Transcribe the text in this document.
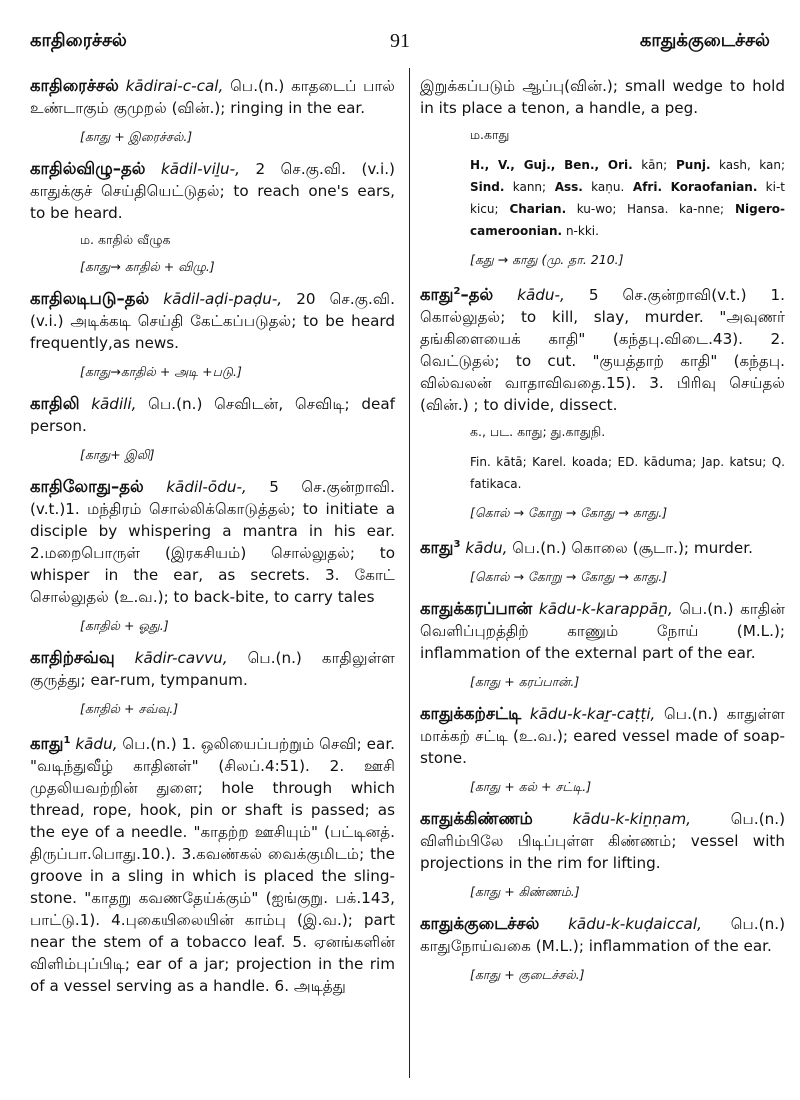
காதிரைச்சல்	91	காதுக்குடைச்சல்
காதிரைச்சல் kādirai-c-cal, பெ.(n.) காதடைப் பால் உண்டாகும் குமுறல் (வின்.); ringing in the ear.
[காது + இரைச்சல்.]
காதில்விழு–தல் kādil-viḻu-, 2 செ.கு.வி. (v.i.) காதுக்குச் செய்தியெட்டுதல்; to reach one's ears, to be heard.
ம. காதில் வீழுக
[காது→ காதில் + விழு.]
காதிலடிபடு–தல் kādil-aḍi-paḍu-, 20 செ.கு.வி. (v.i.) அடிக்கடி செய்தி கேட்கப்படுதல்; to be heard frequently,as news.
[காது→காதில் + அடி +படு.]
காதிலி kādili, பெ.(n.) செவிடன், செவிடி; deaf person.
[காது+ இலி]
காதிலோது–தல் kādil-ōdu-, 5 செ.குன்றாவி. (v.t.)1. மந்திரம் சொல்லிக்கொடுத்தல்; to initiate a disciple by whispering a mantra in his ear. 2.மறைபொருள் (இரகசியம்) சொல்லுதல்; to whisper in the ear, as secrets. 3. கோட் சொல்லுதல் (உ.வ.); to back-bite, to carry tales
[காதில் + ஓது.]
காதிற்சவ்வு kādir-cavvu, பெ.(n.) காதிலுள்ள குருத்து; ear-rum, tympanum.
[காதில் + சவ்வு.]
காது$^1$ kādu, பெ.(n.) 1. ஒலியைப்பற்றும் செவி; ear. "வடிந்துவீழ் காதினள்" (சிலப்.4:51). 2. ஊசி முதலியவற்றின் துளை; hole through which thread, rope, hook, pin or shaft is passed; as the eye of a needle. "காதற்ற ஊசியும்" (பட்டினத். திருப்பா.பொது.10.). 3.கவண்கல் வைக்குமிடம்; the groove in a sling in which is placed the sling-stone. "காதறு கவணதேய்க்கும்" (ஐங்குறு. பக்.143, பாட்டு.1). 4.புகையிலையின் காம்பு (இ.வ.); part near the stem of a tobacco leaf. 5. ஏனங்களின் விளிம்புப்பிடி; ear of a jar; projection in the rim of a vessel serving as a handle. 6. அடித்து
இறுக்கப்படும் ஆப்பு(வின்.); small wedge to hold in its place a tenon, a handle, a peg.
ம.காது
H., V., Guj., Ben., Ori. kān; Punj. kash, kan; Sind. kann; Ass. kaṇu. Afri. Koraofanian. ki-t kicu; Charian. ku-wo; Hansa. ka-nne; Nigero-cameroonian. n-kki.
[கது → காது (மு. தா. 210.]
காது$^2$–தல் kādu-, 5 செ.குன்றாவி(v.t.) 1. கொல்லுதல்; to kill, slay, murder. "அவுணர் தங்கிளையைக் காதி" (கந்தபு.விடை.43). 2. வெட்டுதல்; to cut. "குயத்தாற் காதி" (கந்தபு. வில்வலன் வாதாவிவதை.15). 3. பிரிவு செய்தல் (வின்.) ; to divide, dissect.
க., பட. காது; து.காதுநி.
Fin. kātā; Karel. koada; ED. kāduma; Jap. katsu; Q. fatikaca.
[கொல் → கோறு → கோது → காது.]
காது$^3$ kādu, பெ.(n.) கொலை (சூடா.); murder.
[கொல் → கோறு → கோது → காது.]
காதுக்கரப்பான் kādu-k-karappāṉ, பெ.(n.) காதின் வெளிப்புறத்திற் காணும் நோய் (M.L.); inflammation of the external part of the ear.
[காது + கரப்பான்.]
காதுக்கற்சட்டி kādu-k-kaṟ-caṭṭi, பெ.(n.) காதுள்ள மாக்கற் சட்டி (உ.வ.); eared vessel made of soap-stone.
[காது + கல் + சட்டி.]
காதுக்கிண்ணம்	kādu-k-kiṉṇam, பெ.(n.) விளிம்பிலே பிடிப்புள்ள கிண்ணம்; vessel with projections in the rim for lifting.
[காது + கிண்ணம்.]
காதுக்குடைச்சல் kādu-k-kuḍaiccal, பெ.(n.) காதுநோய்வகை (M.L.); inflammation of the ear.
[காது + குடைச்சல்.]
